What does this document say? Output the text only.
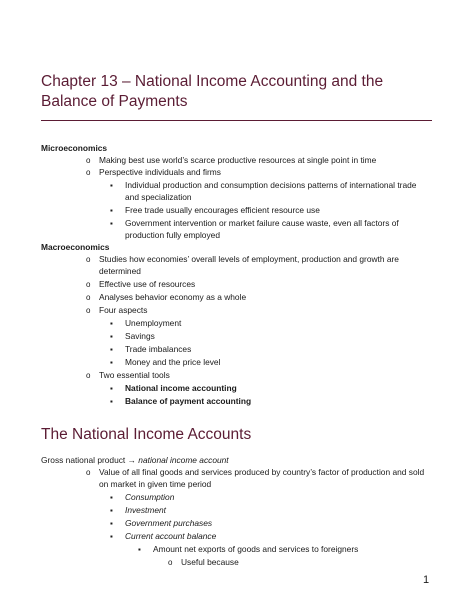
Chapter 13 – National Income Accounting and the Balance of Payments
Microeconomics
o Making best use world’s scarce productive resources at single point in time
o Perspective individuals and firms
▪ Individual production and consumption decisions patterns of international trade
and specialization
▪ Free trade usually encourages efficient resource use
▪ Government intervention or market failure cause waste, even all factors of
production fully employed
Macroeconomics
o Studies how economies’ overall levels of employment, production and growth are
determined
o Effective use of resources
o Analyses behavior economy as a whole
o Four aspects
▪ Unemployment
▪ Savings
▪ Trade imbalances
▪ Money and the price level
o Two essential tools
▪ National income accounting
▪ Balance of payment accounting
The National Income Accounts
Gross national product → national income account
o Value of all final goods and services produced by country’s factor of production and sold
on market in given time period
▪ Consumption
▪ Investment
▪ Government purchases
▪ Current account balance
▪ Amount net exports of goods and services to foreigners
o Useful because
1
